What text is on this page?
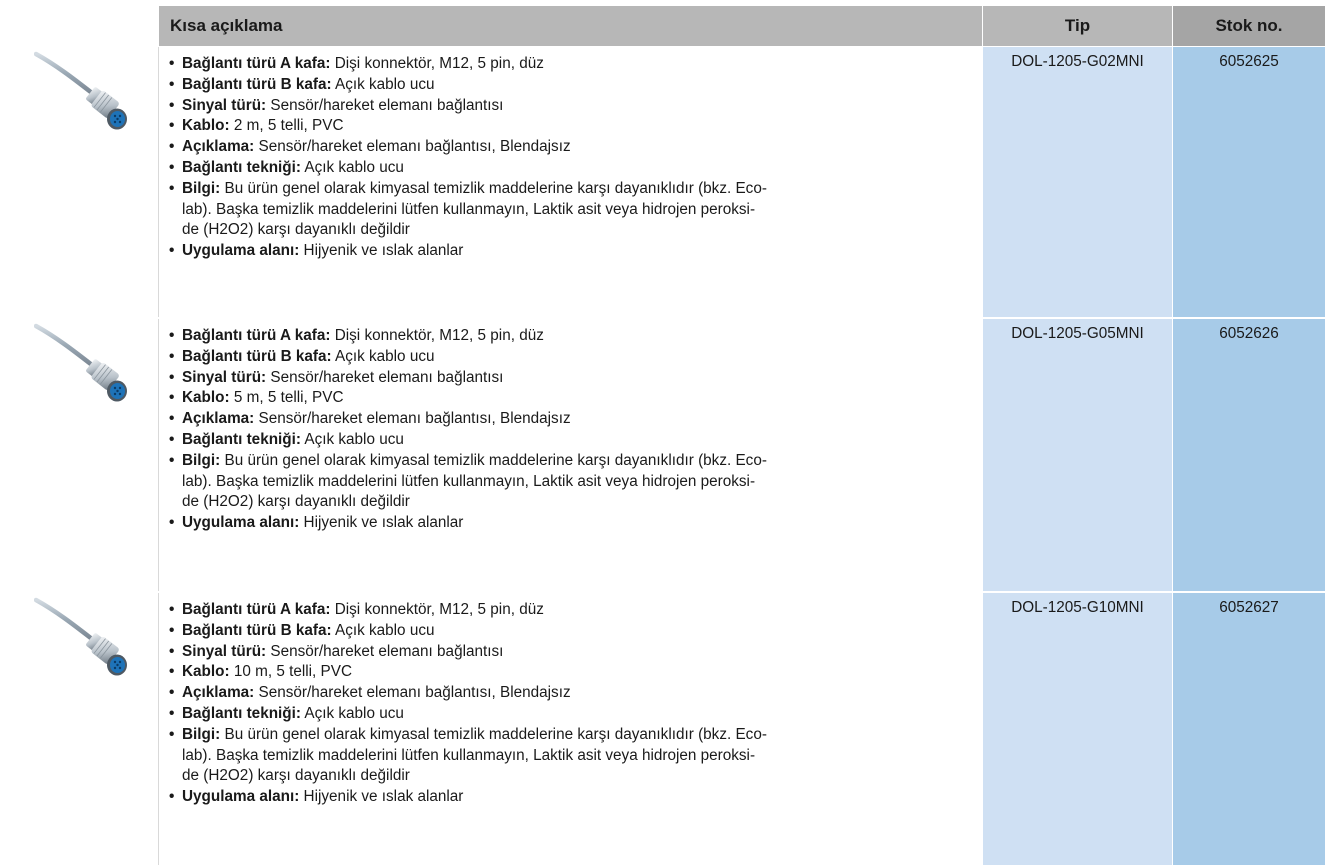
Kısa açıklama	Tip	Stok no.
• Bağlantı türü A kafa: Dişi konnektör, M12, 5 pin, düz
• Bağlantı türü B kafa: Açık kablo ucu
• Sinyal türü: Sensör/hareket elemanı bağlantısı
• Kablo: 2 m, 5 telli, PVC
• Açıklama: Sensör/hareket elemanı bağlantısı, Blendajsız
• Bağlantı tekniği: Açık kablo ucu
• Bilgi: Bu ürün genel olarak kimyasal temizlik maddelerine karşı dayanıklıdır (bkz. Eco-
lab). Başka temizlik maddelerini lütfen kullanmayın, Laktik asit veya hidrojen peroksi-
de (H2O2) karşı dayanıklı değildir
• Uygulama alanı: Hijyenik ve ıslak alanlar
DOL-1205-G02MNI	6052625
• Bağlantı türü A kafa: Dişi konnektör, M12, 5 pin, düz
• Bağlantı türü B kafa: Açık kablo ucu
• Sinyal türü: Sensör/hareket elemanı bağlantısı
• Kablo: 5 m, 5 telli, PVC
• Açıklama: Sensör/hareket elemanı bağlantısı, Blendajsız
• Bağlantı tekniği: Açık kablo ucu
• Bilgi: Bu ürün genel olarak kimyasal temizlik maddelerine karşı dayanıklıdır (bkz. Eco-
lab). Başka temizlik maddelerini lütfen kullanmayın, Laktik asit veya hidrojen peroksi-
de (H2O2) karşı dayanıklı değildir
• Uygulama alanı: Hijyenik ve ıslak alanlar
DOL-1205-G05MNI	6052626
• Bağlantı türü A kafa: Dişi konnektör, M12, 5 pin, düz
• Bağlantı türü B kafa: Açık kablo ucu
• Sinyal türü: Sensör/hareket elemanı bağlantısı
• Kablo: 10 m, 5 telli, PVC
• Açıklama: Sensör/hareket elemanı bağlantısı, Blendajsız
• Bağlantı tekniği: Açık kablo ucu
• Bilgi: Bu ürün genel olarak kimyasal temizlik maddelerine karşı dayanıklıdır (bkz. Eco-
lab). Başka temizlik maddelerini lütfen kullanmayın, Laktik asit veya hidrojen peroksi-
de (H2O2) karşı dayanıklı değildir
• Uygulama alanı: Hijyenik ve ıslak alanlar
DOL-1205-G10MNI	6052627
